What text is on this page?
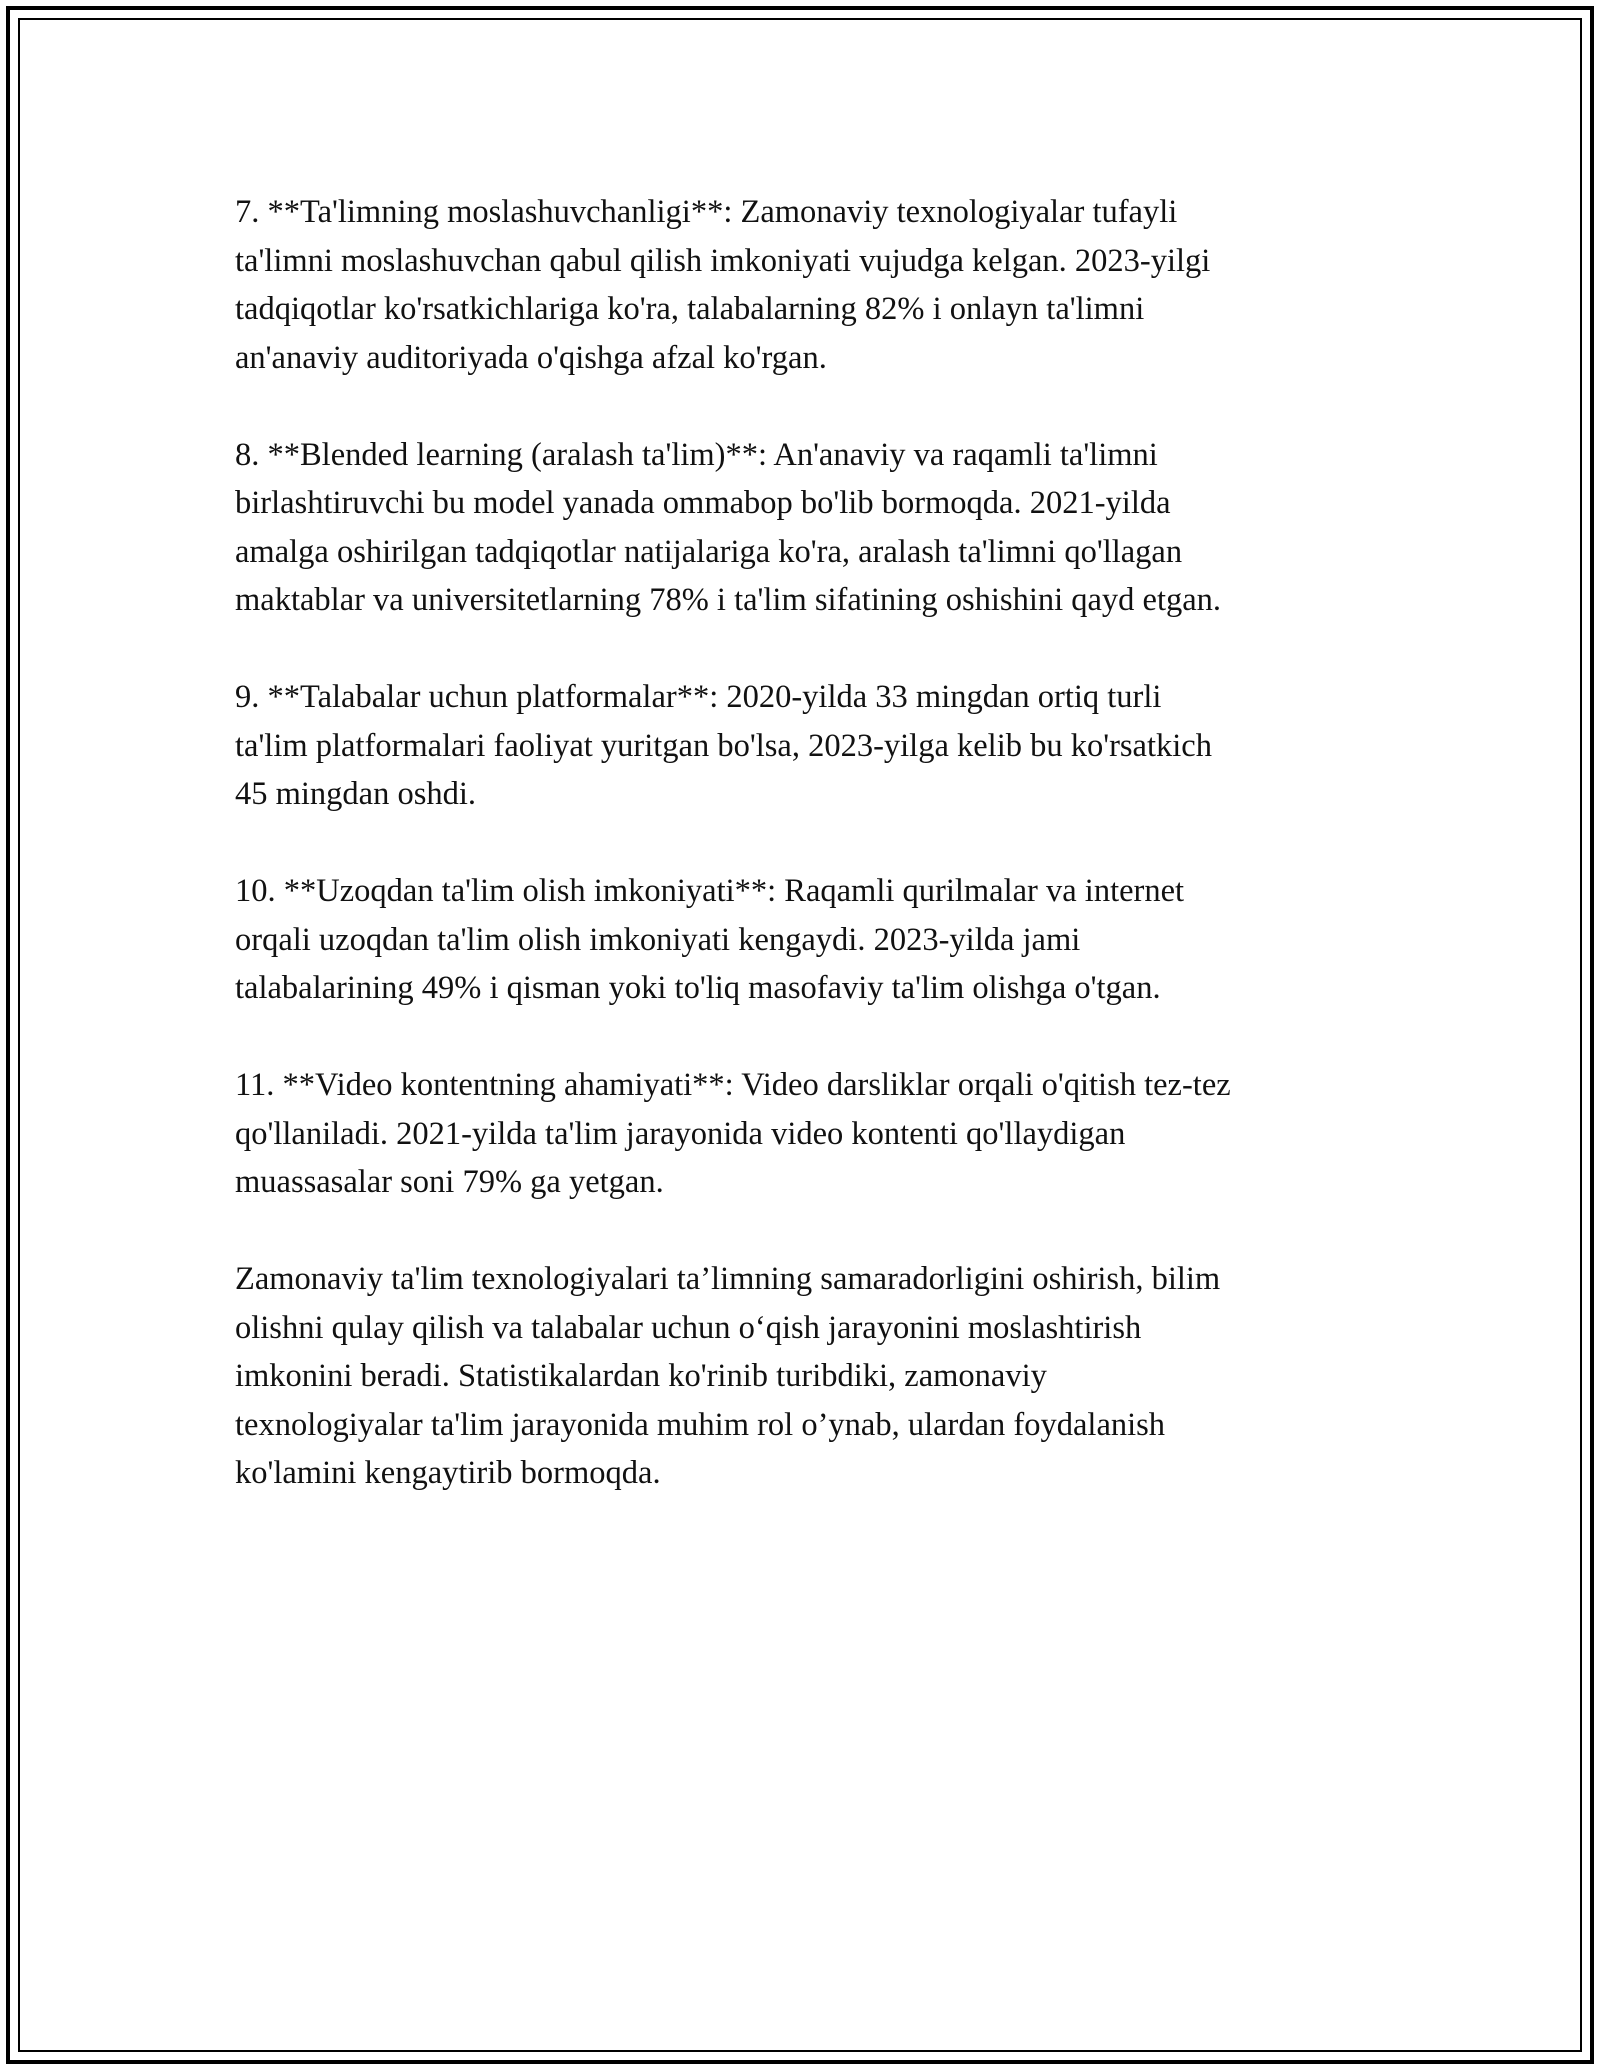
7. **Ta'limning moslashuvchanligi**: Zamonaviy texnologiyalar tufayli
ta'limni moslashuvchan qabul qilish imkoniyati vujudga kelgan. 2023-yilgi
tadqiqotlar ko'rsatkichlariga ko'ra, talabalarning 82% i onlayn ta'limni
an'anaviy auditoriyada o'qishga afzal ko'rgan.

8. **Blended learning (aralash ta'lim)**: An'anaviy va raqamli ta'limni
birlashtiruvchi bu model yanada ommabop bo'lib bormoqda. 2021-yilda
amalga oshirilgan tadqiqotlar natijalariga ko'ra, aralash ta'limni qo'llagan
maktablar va universitetlarning 78% i ta'lim sifatining oshishini qayd etgan.

9. **Talabalar uchun platformalar**: 2020-yilda 33 mingdan ortiq turli
ta'lim platformalari faoliyat yuritgan bo'lsa, 2023-yilga kelib bu ko'rsatkich
45 mingdan oshdi.

10. **Uzoqdan ta'lim olish imkoniyati**: Raqamli qurilmalar va internet
orqali uzoqdan ta'lim olish imkoniyati kengaydi. 2023-yilda jami
talabalarining 49% i qisman yoki to'liq masofaviy ta'lim olishga o'tgan.

11. **Video kontentning ahamiyati**: Video darsliklar orqali o'qitish tez-tez
qo'llaniladi. 2021-yilda ta'lim jarayonida video kontenti qo'llaydigan
muassasalar soni 79% ga yetgan.

Zamonaviy ta'lim texnologiyalari ta’limning samaradorligini oshirish, bilim
olishni qulay qilish va talabalar uchun o‘qish jarayonini moslashtirish
imkonini beradi. Statistikalardan ko'rinib turibdiki, zamonaviy
texnologiyalar ta'lim jarayonida muhim rol o’ynab, ulardan foydalanish
ko'lamini kengaytirib bormoqda.
